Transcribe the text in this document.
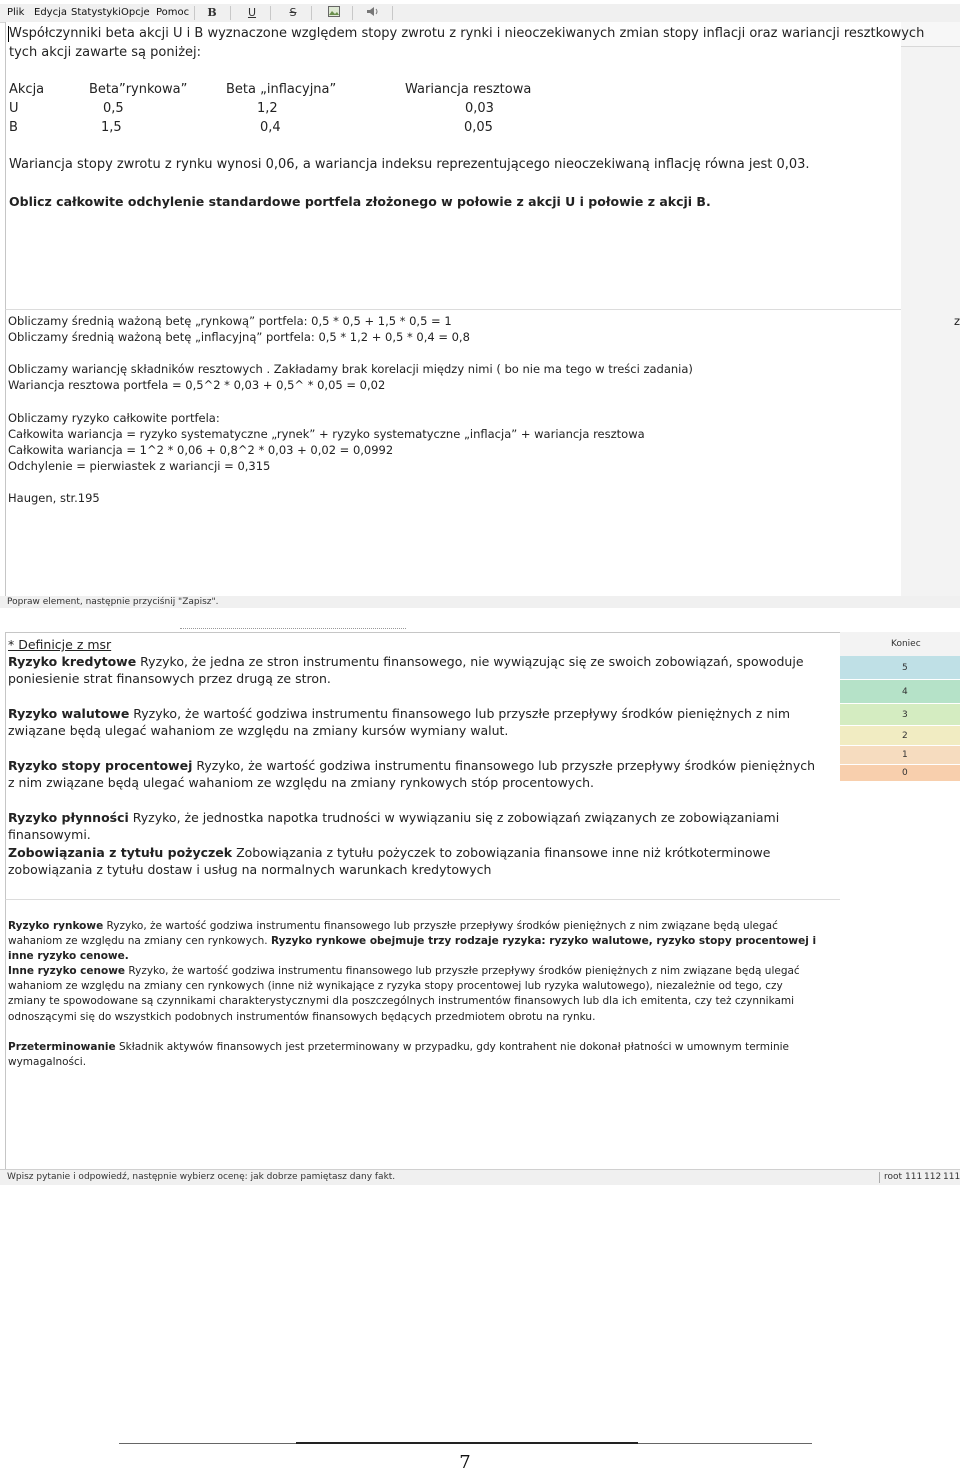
Plik Edycja Statystyki Opcje Pomoc	B	U	S
Współczynniki beta akcji U i B wyznaczone względem stopy zwrotu z rynki i nieoczekiwanych zmian stopy inflacji oraz wariancji resztkowych
tych akcji zawarte są poniżej:
Akcja	Beta”rynkowa”	Beta „inflacyjna”	Wariancja resztowa
U	0,5	1,2	0,03
B	1,5	0,4	0,05
Wariancja stopy zwrotu z rynku wynosi 0,06, a wariancja indeksu reprezentującego nieoczekiwaną inflację równa jest 0,03.
Oblicz całkowite odchylenie standardowe portfela złożonego w połowie z akcji U i połowie z akcji B.
Obliczamy średnią ważoną betę „rynkową” portfela: 0,5 * 0,5 + 1,5 * 0,5 = 1
Obliczamy średnią ważoną betę „inflacyjną” portfela: 0,5 * 1,2 + 0,5 * 0,4 = 0,8
Obliczamy wariancję składników resztowych . Zakładamy brak korelacji między nimi ( bo nie ma tego w treści zadania)
Wariancja resztowa portfela = 0,5^2 * 0,03 + 0,5^ * 0,05 = 0,02
Obliczamy ryzyko całkowite portfela:
Całkowita wariancja = ryzyko systematyczne „rynek” + ryzyko systematyczne „inflacja” + wariancja resztowa
Całkowita wariancja = 1^2 * 0,06 + 0,8^2 * 0,03 + 0,02 = 0,0992
Odchylenie = pierwiastek z wariancji = 0,315
Haugen, str.195
z
Popraw element, następnie przyciśnij "Zapisz".
* Definicje z msr
Ryzyko kredytowe Ryzyko, że jedna ze stron instrumentu finansowego, nie wywiązując się ze swoich zobowiązań, spowoduje poniesienie strat finansowych przez drugą ze stron.
Ryzyko walutowe Ryzyko, że wartość godziwa instrumentu finansowego lub przyszłe przepływy środków pieniężnych z nim związane będą ulegać wahaniom ze względu na zmiany kursów wymiany walut.
Ryzyko stopy procentowej Ryzyko, że wartość godziwa instrumentu finansowego lub przyszłe przepływy środków pieniężnych z nim związane będą ulegać wahaniom ze względu na zmiany rynkowych stóp procentowych.
Ryzyko płynności Ryzyko, że jednostka napotka trudności w wywiązaniu się z zobowiązań związanych ze zobowiązaniami finansowymi.
Zobowiązania z tytułu pożyczek Zobowiązania z tytułu pożyczek to zobowiązania finansowe inne niż krótkoterminowe zobowiązania z tytułu dostaw i usług na normalnych warunkach kredytowych
Ryzyko rynkowe Ryzyko, że wartość godziwa instrumentu finansowego lub przyszłe przepływy środków pieniężnych z nim związane będą ulegać wahaniom ze względu na zmiany cen rynkowych. Ryzyko rynkowe obejmuje trzy rodzaje ryzyka: ryzyko walutowe, ryzyko stopy procentowej i inne ryzyko cenowe.
Inne ryzyko cenowe Ryzyko, że wartość godziwa instrumentu finansowego lub przyszłe przepływy środków pieniężnych z nim związane będą ulegać wahaniom ze względu na zmiany cen rynkowych (inne niż wynikające z ryzyka stopy procentowej lub ryzyka walutowego), niezależnie od tego, czy zmiany te spowodowane są czynnikami charakterystycznymi dla poszczególnych instrumentów finansowych lub dla ich emitenta, czy też czynnikami odnoszącymi się do wszystkich podobnych instrumentów finansowych będących przedmiotem obrotu na rynku.
Przeterminowanie Składnik aktywów finansowych jest przeterminowany w przypadku, gdy kontrahent nie dokonał płatności w umownym terminie wymagalności.
Koniec
5
4
3
2
1
0
Wpisz pytanie i odpowiedź, następnie wybierz ocenę: jak dobrze pamiętasz dany fakt.	root 111 112 111
7
